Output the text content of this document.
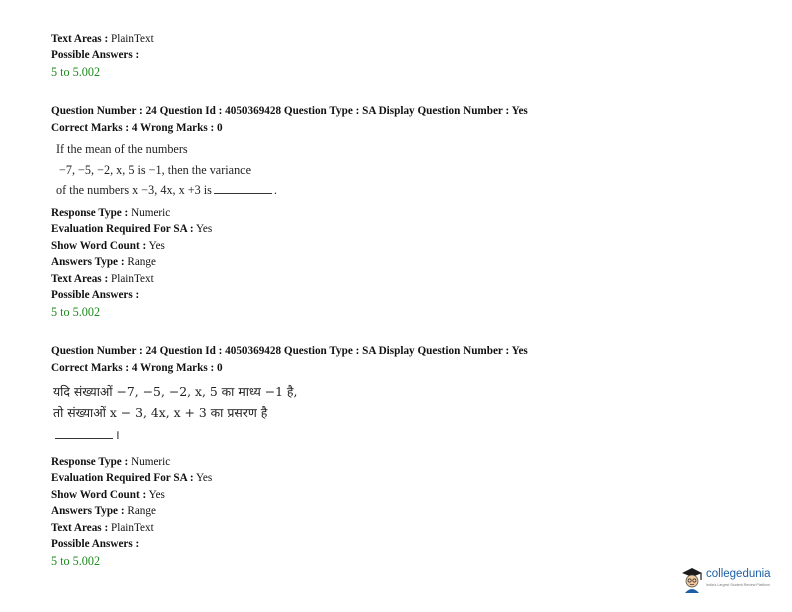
Text Areas : PlainText
Possible Answers :
5 to 5.002
Question Number : 24 Question Id : 4050369428 Question Type : SA Display Question Number : Yes
Correct Marks : 4 Wrong Marks : 0
If the mean of the numbers
−7, −5, −2, x, 5 is −1, then the variance
of the numbers x −3, 4x, x +3 is	.
Response Type : Numeric
Evaluation Required For SA : Yes
Show Word Count : Yes
Answers Type : Range
Text Areas : PlainText
Possible Answers :
5 to 5.002
Question Number : 24 Question Id : 4050369428 Question Type : SA Display Question Number : Yes
Correct Marks : 4 Wrong Marks : 0
यदि संख्याओं −7, −5, −2, x, 5 का माध्य −1 है,
तो संख्याओं x − 3, 4x, x + 3 का प्रसरण है
।
Response Type : Numeric
Evaluation Required For SA : Yes
Show Word Count : Yes
Answers Type : Range
Text Areas : PlainText
Possible Answers :
5 to 5.002
collegedunia
India's Largest Student Review Platform
